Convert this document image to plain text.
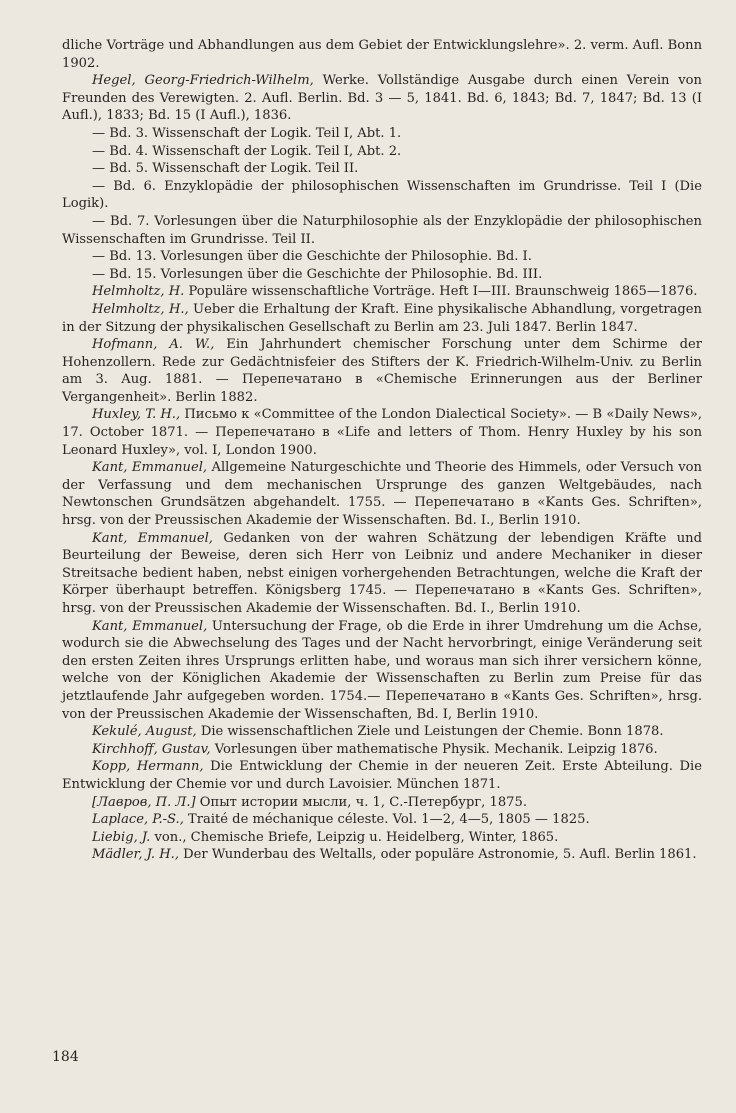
dliche Vorträge und Abhandlungen aus dem Gebiet der Entwicklungslehre». 2. verm. Aufl. Bonn 1902.

Hegel, Georg-Friedrich-Wilhelm, Werke. Vollständige Ausgabe durch einen Verein von Freunden des Verewigten. 2. Aufl. Berlin. Bd. 3 — 5, 1841. Bd. 6, 1843; Bd. 7, 1847; Bd. 13 (I Aufl.), 1833; Bd. 15 (I Aufl.), 1836.

— Bd. 3. Wissenschaft der Logik. Teil I, Abt. 1.

— Bd. 4. Wissenschaft der Logik. Teil I, Abt. 2.

— Bd. 5. Wissenschaft der Logik. Teil II.

— Bd. 6. Enzyklopädie der philosophischen Wissenschaften im Grundrisse. Teil I (Die Logik).

— Bd. 7. Vorlesungen über die Naturphilosophie als der Enzyklopädie der philosophischen Wissenschaften im Grundrisse. Teil II.

— Bd. 13. Vorlesungen über die Geschichte der Philosophie. Bd. I.

— Bd. 15. Vorlesungen über die Geschichte der Philosophie. Bd. III.

Helmholtz, H. Populäre wissenschaftliche Vorträge. Heft I—III. Braunschweig 1865—1876.

Helmholtz, H., Ueber die Erhaltung der Kraft. Eine physikalische Abhandlung, vorgetragen in der Sitzung der physikalischen Gesellschaft zu Berlin am 23. Juli 1847. Berlin 1847.

Hofmann, A. W., Ein Jahrhundert chemischer Forschung unter dem Schirme der Hohenzollern. Rede zur Gedächtnisfeier des Stifters der K. Friedrich-Wilhelm-Univ. zu Berlin am 3. Aug. 1881. — Перепечатано в «Chemische Erinnerungen aus der Berliner Vergangenheit». Berlin 1882.

Huxley, T. H., Письмо к «Committee of the London Dialectical Society». — В «Daily News», 17. October 1871. — Перепечатано в «Life and letters of Thom. Henry Huxley by his son Leonard Huxley», vol. I, London 1900.

Kant, Emmanuel, Allgemeine Naturgeschichte und Theorie des Himmels, oder Versuch von der Verfassung und dem mechanischen Ursprunge des ganzen Weltgebäudes, nach Newtonschen Grundsätzen abgehandelt. 1755. — Перепечатано в «Kants Ges. Schriften», hrsg. von der Preussischen Akademie der Wissenschaften. Bd. I., Berlin 1910.

Kant, Emmanuel, Gedanken von der wahren Schätzung der lebendigen Kräfte und Beurteilung der Beweise, deren sich Herr von Leibniz und andere Mechaniker in dieser Streitsache bedient haben, nebst einigen vorhergehenden Betrachtungen, welche die Kraft der Körper überhaupt betreffen. Königsberg 1745. — Перепечатано в «Kants Ges. Schriften», hrsg. von der Preussischen Akademie der Wissenschaften. Bd. I., Berlin 1910.

Kant, Emmanuel, Untersuchung der Frage, ob die Erde in ihrer Umdrehung um die Achse, wodurch sie die Abwechselung des Tages und der Nacht hervorbringt, einige Veränderung seit den ersten Zeiten ihres Ursprungs erlitten habe, und woraus man sich ihrer versichern könne, welche von der Königlichen Akademie der Wissenschaften zu Berlin zum Preise für das jetztlaufende Jahr aufgegeben worden. 1754.— Перепечатано в «Kants Ges. Schriften», hrsg. von der Preussischen Akademie der Wissenschaften, Bd. I, Berlin 1910.

Kekulé, August, Die wissenschaftlichen Ziele und Leistungen der Chemie. Bonn 1878.

Kirchhoff, Gustav, Vorlesungen über mathematische Physik. Mechanik. Leipzig 1876.

Kopp, Hermann, Die Entwicklung der Chemie in der neueren Zeit. Erste Abteilung. Die Entwicklung der Chemie vor und durch Lavoisier. München 1871.

[Лавров, П. Л.] Опыт истории мысли, ч. 1, С.-Петербург, 1875.

Laplace, P.-S., Traité de méchanique céleste. Vol. 1—2, 4—5, 1805 — 1825.

Liebig, J. von., Chemische Briefe, Leipzig u. Heidelberg, Winter, 1865.

Mädler, J. H., Der Wunderbau des Weltalls, oder populäre Astronomie, 5. Aufl. Berlin 1861.

184
